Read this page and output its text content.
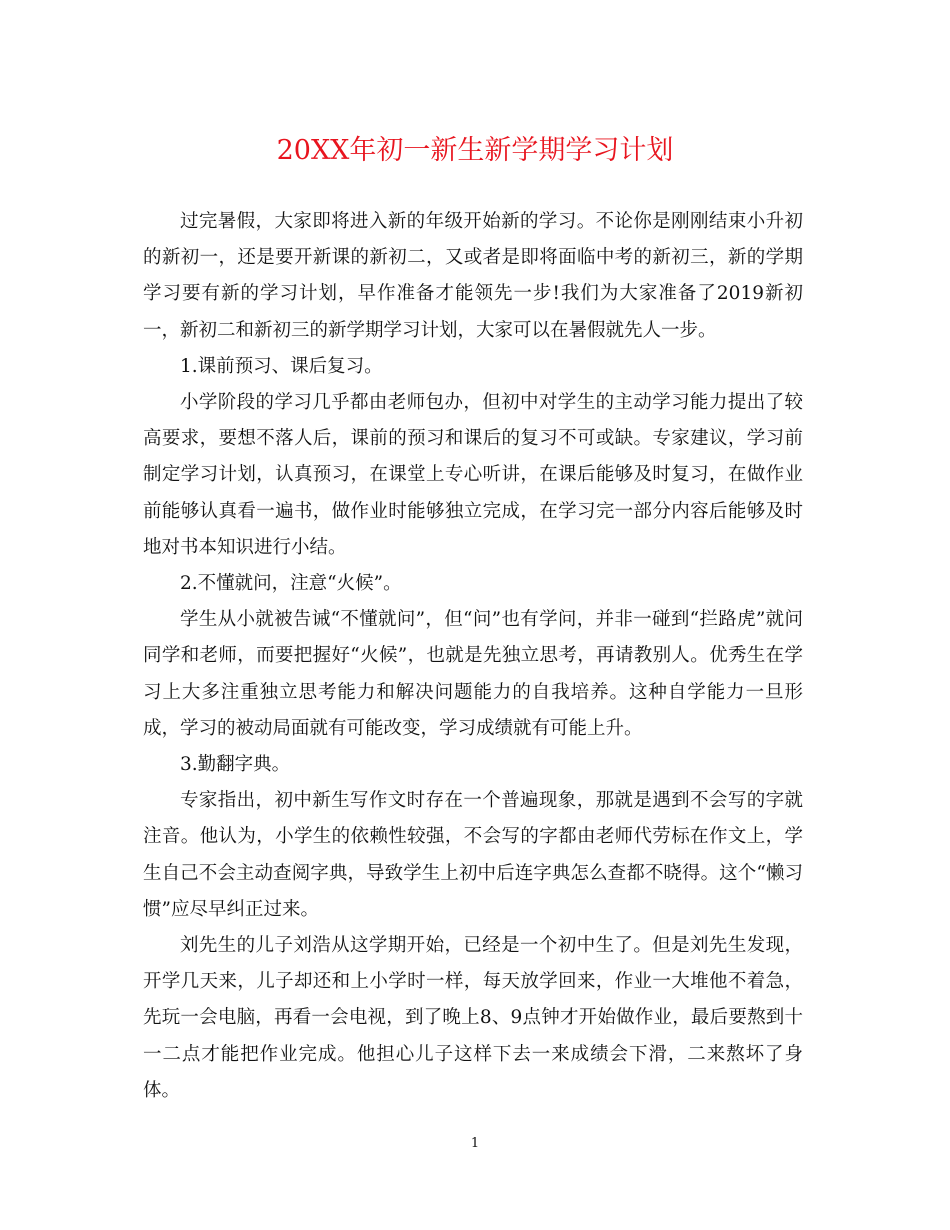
20XX年初一新生新学期学习计划

过完暑假，大家即将进入新的年级开始新的学习。不论你是刚刚结束小升初的新初一，还是要开新课的新初二，又或者是即将面临中考的新初三，新的学期学习要有新的学习计划，早作准备才能领先一步!我们为大家准备了2019新初一，新初二和新初三的新学期学习计划，大家可以在暑假就先人一步。

1.课前预习、课后复习。

小学阶段的学习几乎都由老师包办，但初中对学生的主动学习能力提出了较高要求，要想不落人后，课前的预习和课后的复习不可或缺。专家建议，学习前制定学习计划，认真预习，在课堂上专心听讲，在课后能够及时复习，在做作业前能够认真看一遍书，做作业时能够独立完成，在学习完一部分内容后能够及时地对书本知识进行小结。

2.不懂就问，注意“火候”。

学生从小就被告诫“不懂就问”，但“问”也有学问，并非一碰到“拦路虎”就问同学和老师，而要把握好“火候”，也就是先独立思考，再请教别人。优秀生在学习上大多注重独立思考能力和解决问题能力的自我培养。这种自学能力一旦形成，学习的被动局面就有可能改变，学习成绩就有可能上升。

3.勤翻字典。

专家指出，初中新生写作文时存在一个普遍现象，那就是遇到不会写的字就注音。他认为，小学生的依赖性较强，不会写的字都由老师代劳标在作文上，学生自己不会主动查阅字典，导致学生上初中后连字典怎么查都不晓得。这个“懒习惯”应尽早纠正过来。

刘先生的儿子刘浩从这学期开始，已经是一个初中生了。但是刘先生发现，开学几天来，儿子却还和上小学时一样，每天放学回来，作业一大堆他不着急，先玩一会电脑，再看一会电视，到了晚上8、9点钟才开始做作业，最后要熬到十一二点才能把作业完成。他担心儿子这样下去一来成绩会下滑，二来熬坏了身体。

1
